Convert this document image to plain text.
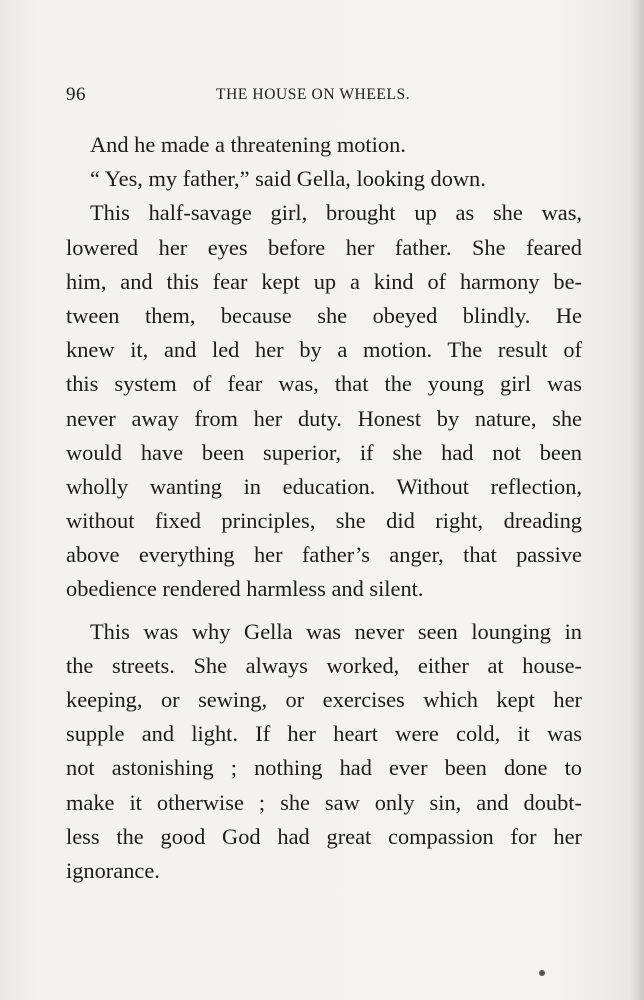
96	THE HOUSE ON WHEELS.
And he made a threatening motion.
“ Yes, my father,” said Gella, looking down.
This half-savage girl, brought up as she was,
lowered her eyes before her father. She feared
him, and this fear kept up a kind of harmony be-
tween them, because she obeyed blindly. He
knew it, and led her by a motion. The result of
this system of fear was, that the young girl was
never away from her duty. Honest by nature, she
would have been superior, if she had not been
wholly wanting in education. Without reflection,
without fixed principles, she did right, dreading
above everything her father’s anger, that passive
obedience rendered harmless and silent.
This was why Gella was never seen lounging in
the streets. She always worked, either at house-
keeping, or sewing, or exercises which kept her
supple and light. If her heart were cold, it was
not astonishing ; nothing had ever been done to
make it otherwise ; she saw only sin, and doubt-
less the good God had great compassion for her
ignorance.
